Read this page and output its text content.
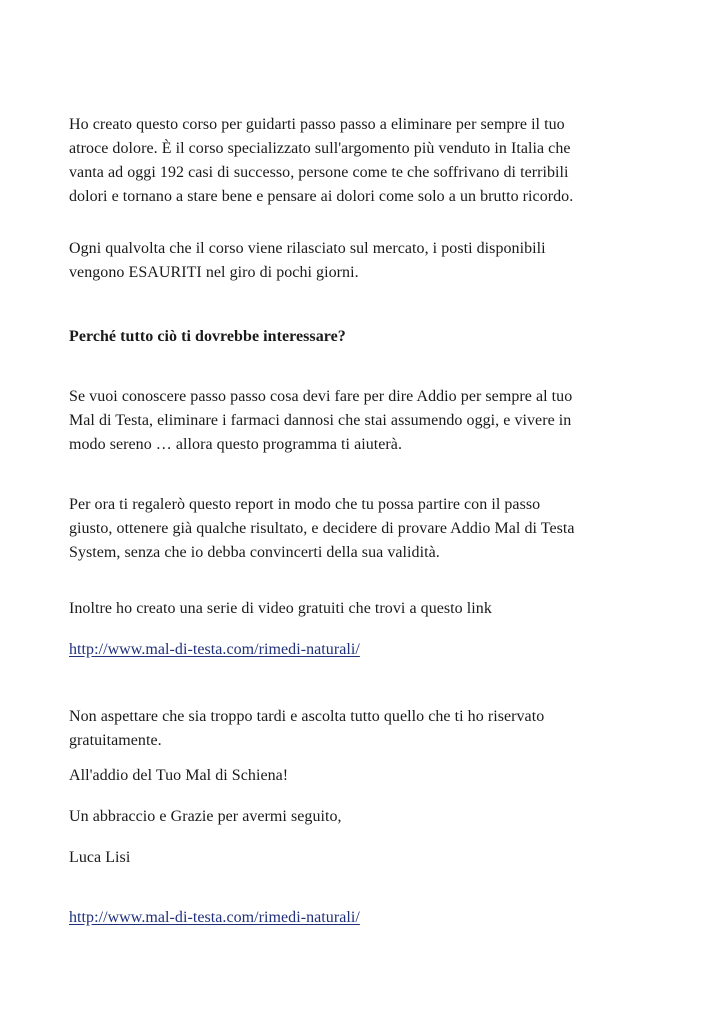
Ho creato questo corso per guidarti passo passo a eliminare per sempre il tuo
atroce dolore. È il corso specializzato sull'argomento più venduto in Italia che
vanta ad oggi 192 casi di successo, persone come te che soffrivano di terribili
dolori e tornano a stare bene e pensare ai dolori come solo a un brutto ricordo.
Ogni qualvolta che il corso viene rilasciato sul mercato, i posti disponibili
vengono ESAURITI nel giro di pochi giorni.
Perché tutto ciò ti dovrebbe interessare?
Se vuoi conoscere passo passo cosa devi fare per dire Addio per sempre al tuo
Mal di Testa, eliminare i farmaci dannosi che stai assumendo oggi, e vivere in
modo sereno … allora questo programma ti aiuterà.
Per ora ti regalerò questo report in modo che tu possa partire con il passo
giusto, ottenere già qualche risultato, e decidere di provare Addio Mal di Testa
System, senza che io debba convincerti della sua validità.
Inoltre ho creato una serie di video gratuiti che trovi a questo link
http://www.mal-di-testa.com/rimedi-naturali/
Non aspettare che sia troppo tardi e ascolta tutto quello che ti ho riservato
gratuitamente.
All'addio del Tuo Mal di Schiena!
Un abbraccio e Grazie per avermi seguito,
Luca Lisi
http://www.mal-di-testa.com/rimedi-naturali/
